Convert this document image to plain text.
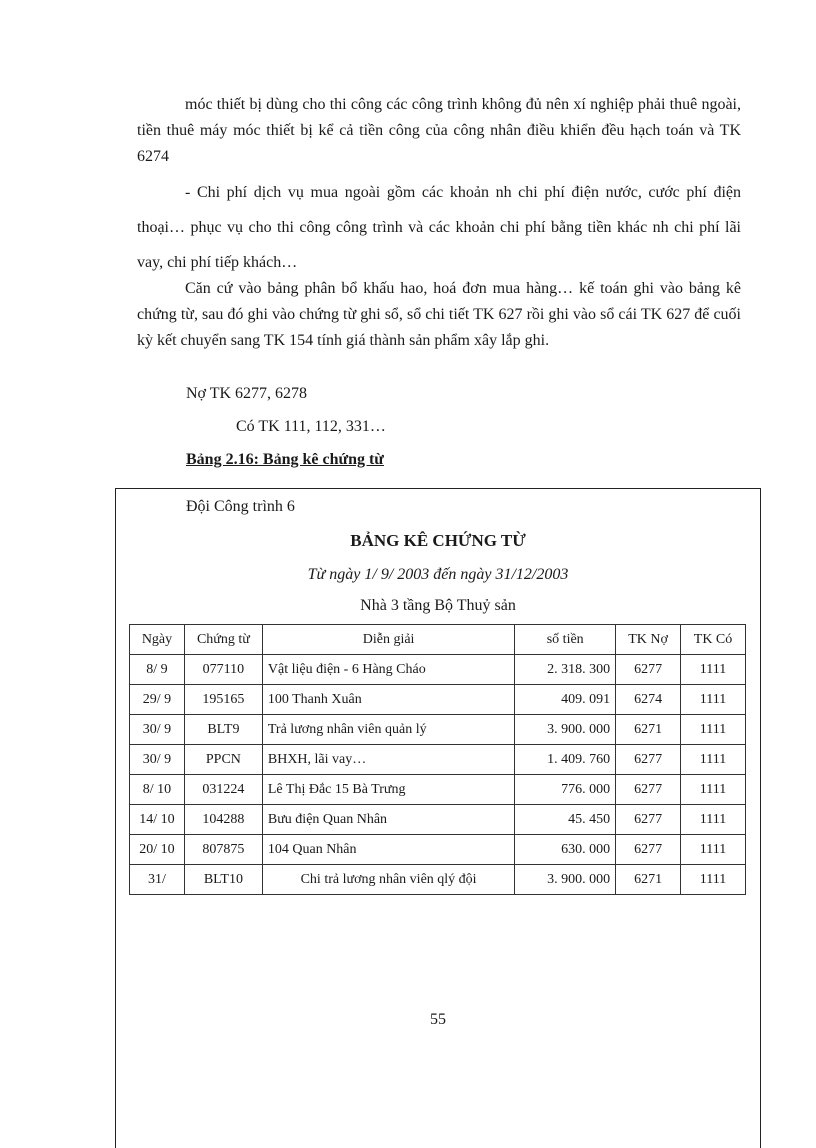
móc thiết bị dùng cho thi công các công trình không đủ nên xí nghiệp phải thuê ngoài, tiền thuê máy móc thiết bị kể cả tiền công của công nhân điều khiển đều hạch toán và TK 6274

- Chi phí dịch vụ mua ngoài gồm các khoản nh chi phí điện nước, cước phí điện thoại… phục vụ cho thi công công trình và các khoản chi phí bằng tiền khác nh chi phí lãi vay, chi phí tiếp khách…

Căn cứ vào bảng phân bổ khấu hao, hoá đơn mua hàng… kế toán ghi vào bảng kê chứng từ, sau đó ghi vào chứng từ ghi sổ, sổ chi tiết TK 627 rồi ghi vào sổ cái TK 627 để cuối kỳ kết chuyển sang TK 154 tính giá thành sản phẩm xây lắp ghi.

Nợ TK 6277, 6278

Có TK 111, 112, 331…

Bảng 2.16: Bảng kê chứng từ

Đội Công trình 6

BẢNG KÊ CHỨNG TỪ

Từ ngày 1/ 9/ 2003 đến ngày 31/12/2003

Nhà 3 tầng Bộ Thuỷ sản

Ngày	Chứng từ	Diễn giải	số tiền	TK Nợ	TK Có
8/ 9	077110	Vật liệu điện - 6 Hàng Cháo	2. 318. 300	6277	1111
29/ 9	195165	100 Thanh Xuân	409. 091	6274	1111
30/ 9	BLT9	Trả lương nhân viên quản lý	3. 900. 000	6271	1111
30/ 9	PPCN	BHXH, lãi vay…	1. 409. 760	6277	1111
8/ 10	031224	Lê Thị Đắc 15 Bà Trưng	776. 000	6277	1111
14/ 10	104288	Bưu điện Quan Nhân	45. 450	6277	1111
20/ 10	807875	104 Quan Nhân	630. 000	6277	1111
31/	BLT10	Chi trả lương nhân viên qlý đội	3. 900. 000	6271	1111

55
